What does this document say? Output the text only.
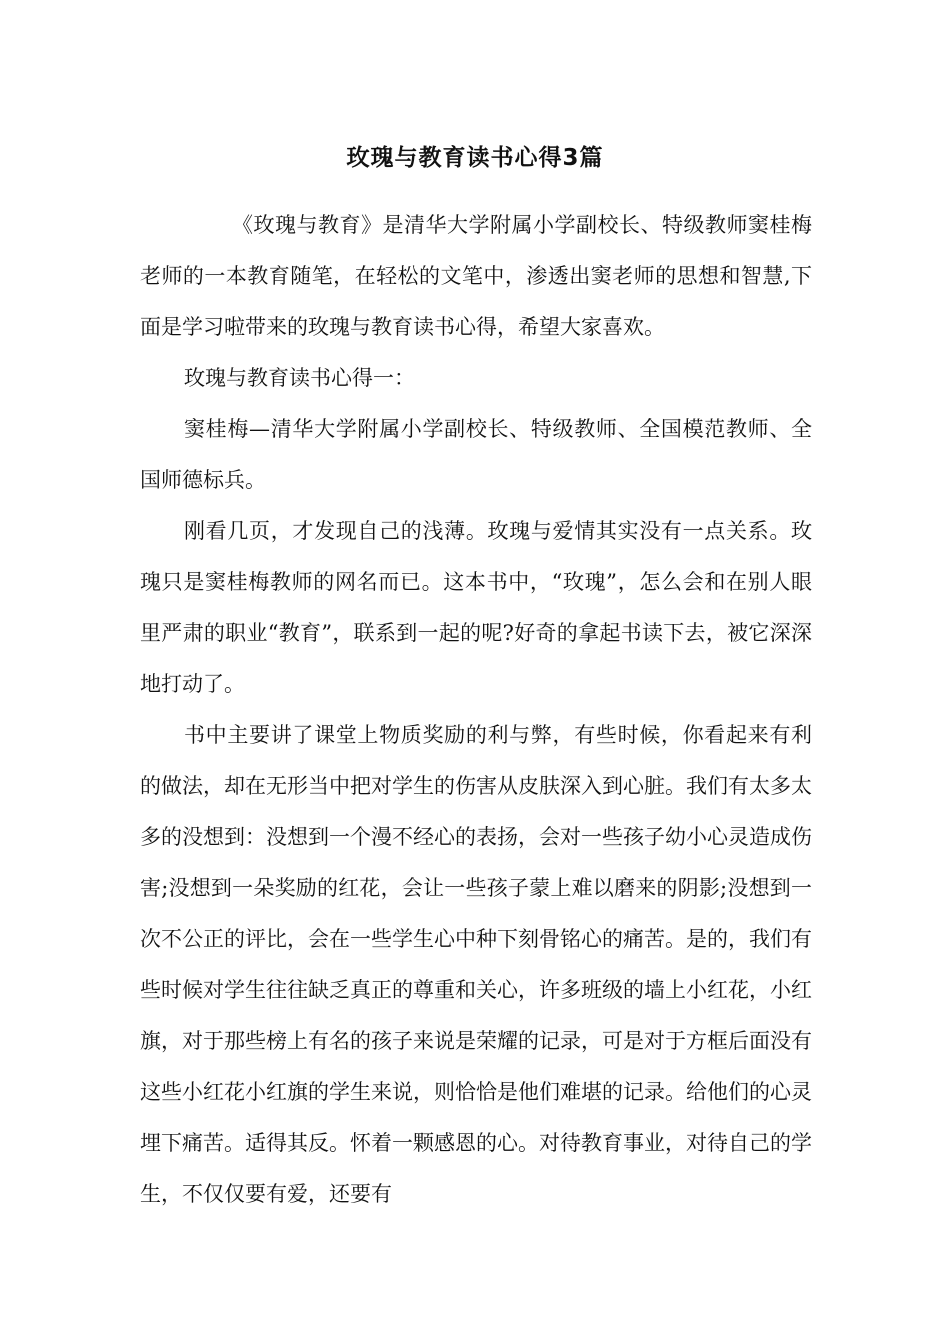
玫瑰与教育读书心得3篇

《玫瑰与教育》是清华大学附属小学副校长、特级教师窦桂梅老师的一本教育随笔，在轻松的文笔中，渗透出窦老师的思想和智慧,下面是学习啦带来的玫瑰与教育读书心得，希望大家喜欢。

玫瑰与教育读书心得一：

窦桂梅—清华大学附属小学副校长、特级教师、全国模范教师、全国师德标兵。

刚看几页，才发现自己的浅薄。玫瑰与爱情其实没有一点关系。玫瑰只是窦桂梅教师的网名而已。这本书中，“玫瑰”，怎么会和在别人眼里严肃的职业“教育”，联系到一起的呢?好奇的拿起书读下去，被它深深地打动了。

书中主要讲了课堂上物质奖励的利与弊，有些时候，你看起来有利的做法，却在无形当中把对学生的伤害从皮肤深入到心脏。我们有太多太多的没想到：没想到一个漫不经心的表扬，会对一些孩子幼小心灵造成伤害;没想到一朵奖励的红花，会让一些孩子蒙上难以磨来的阴影;没想到一次不公正的评比，会在一些学生心中种下刻骨铭心的痛苦。是的，我们有些时候对学生往往缺乏真正的尊重和关心，许多班级的墙上小红花，小红旗，对于那些榜上有名的孩子来说是荣耀的记录，可是对于方框后面没有这些小红花小红旗的学生来说，则恰恰是他们难堪的记录。给他们的心灵埋下痛苦。适得其反。怀着一颗感恩的心。对待教育事业，对待自己的学生，不仅仅要有爱，还要有
